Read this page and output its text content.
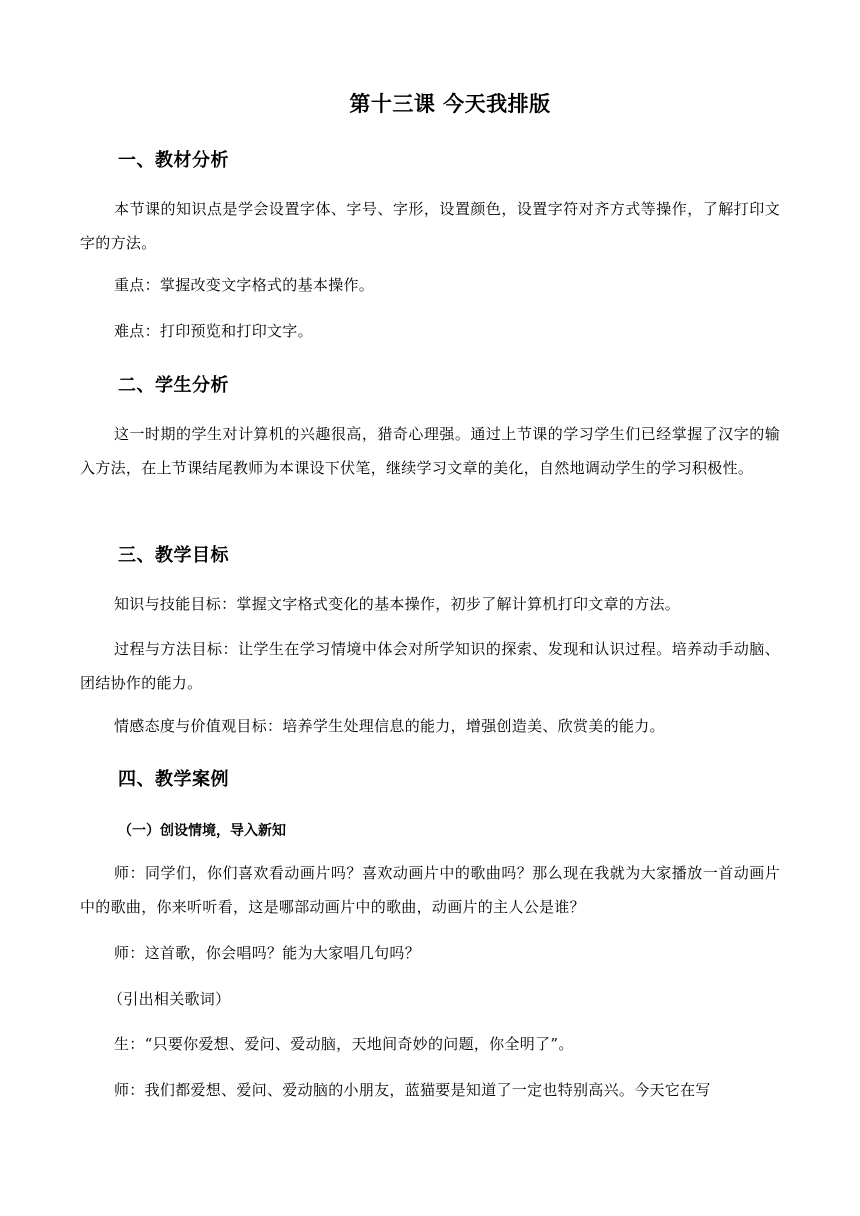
第十三课 今天我排版
一、教材分析
本节课的知识点是学会设置字体、字号、字形，设置颜色，设置字符对齐方式等操作，了解打印文字的方法。
重点：掌握改变文字格式的基本操作。
难点：打印预览和打印文字。
二、学生分析
这一时期的学生对计算机的兴趣很高，猎奇心理强。通过上节课的学习学生们已经掌握了汉字的输入方法，在上节课结尾教师为本课设下伏笔，继续学习文章的美化，自然地调动学生的学习积极性。
三、教学目标
知识与技能目标：掌握文字格式变化的基本操作，初步了解计算机打印文章的方法。
过程与方法目标：让学生在学习情境中体会对所学知识的探索、发现和认识过程。培养动手动脑、团结协作的能力。
情感态度与价值观目标：培养学生处理信息的能力，增强创造美、欣赏美的能力。
四、教学案例
（一）创设情境，导入新知
师：同学们，你们喜欢看动画片吗？喜欢动画片中的歌曲吗？那么现在我就为大家播放一首动画片中的歌曲，你来听听看，这是哪部动画片中的歌曲，动画片的主人公是谁？
师：这首歌，你会唱吗？能为大家唱几句吗？
（引出相关歌词）
生：“只要你爱想、爱问、爱动脑，天地间奇妙的问题，你全明了”。
师：我们都爱想、爱问、爱动脑的小朋友，蓝猫要是知道了一定也特别高兴。今天它在写
